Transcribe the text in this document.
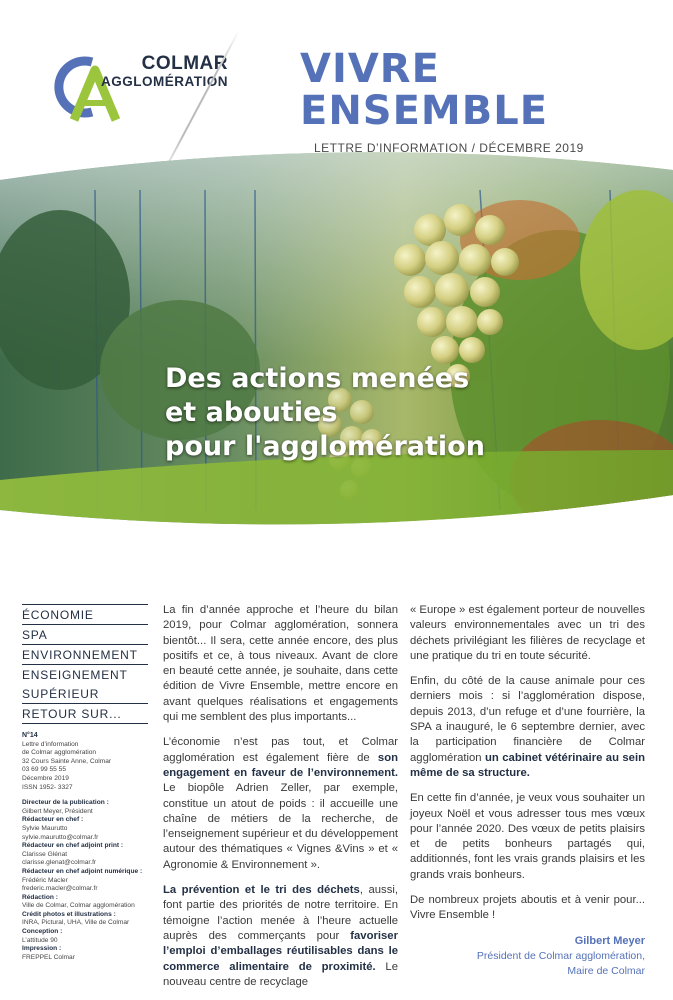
COLMAR
AGGLOMÉRATION VIVRE
ENSEMBLE
LETTRE D’INFORMATION / DÉCEMBRE 2019
Des actions menées
et abouties
pour l'agglomération
ÉCONOMIE
SPA
ENVIRONNEMENT
ENSEIGNEMENT
SUPÉRIEUR
RETOUR SUR...
N°14
Lettre d’information
de Colmar agglomération
32 Cours Sainte Anne, Colmar
03 69 99 55 55
Décembre 2019
ISSN 1952- 3327
Directeur de la publication :
Gilbert Meyer, Président
Rédacteur en chef :
Sylvie Maurutto
sylvie.maurutto@colmar.fr
Rédacteur en chef adjoint print :
Clarisse Glénat
clarisse.glenat@colmar.fr
Rédacteur en chef adjoint numérique :
Frédéric Macler
frederic.macler@colmar.fr
Rédaction :
Ville de Colmar, Colmar agglomération
Crédit photos et illustrations :
INRA, Pictural, UHA, Ville de Colmar
Conception :
L’attitude 90
Impression :
FREPPEL Colmar

La fin d’année approche et l’heure du bilan 2019, pour Colmar agglomération, sonnera bientôt... Il sera, cette année encore, des plus positifs et ce, à tous niveaux. Avant de clore en beauté cette année, je souhaite, dans cette édition de Vivre Ensemble, mettre encore en avant quelques réalisations et engagements qui me semblent des plus importants...

L’économie n’est pas tout, et Colmar agglomération est également fière de son engagement en faveur de l’environnement. Le biopôle Adrien Zeller, par exemple, constitue un atout de poids : il accueille une chaîne de métiers de la recherche, de l’enseignement supérieur et du développement autour des thématiques « Vignes &Vins » et « Agronomie & Environnement ».

La prévention et le tri des déchets, aussi, font partie des priorités de notre territoire. En témoigne l’action menée à l’heure actuelle auprès des commerçants pour favoriser l’emploi d’emballages réutilisables dans le commerce alimentaire de proximité. Le nouveau centre de recyclage

« Europe » est également porteur de nouvelles valeurs environnementales avec un tri des déchets privilégiant les filières de recyclage et une pratique du tri en toute sécurité.

Enfin, du côté de la cause animale pour ces derniers mois : si l’agglomération dispose, depuis 2013, d’un refuge et d’une fourrière, la SPA a inauguré, le 6 septembre dernier, avec la participation financière de Colmar agglomération un cabinet vétérinaire au sein même de sa structure.

En cette fin d’année, je veux vous souhaiter un joyeux Noël et vous adresser tous mes vœux pour l’année 2020. Des vœux de petits plaisirs et de petits bonheurs partagés qui, additionnés, font les vrais grands plaisirs et les grands vrais bonheurs.

De nombreux projets aboutis et à venir pour... Vivre Ensemble !

Gilbert Meyer
Président de Colmar agglomération,
Maire de Colmar
